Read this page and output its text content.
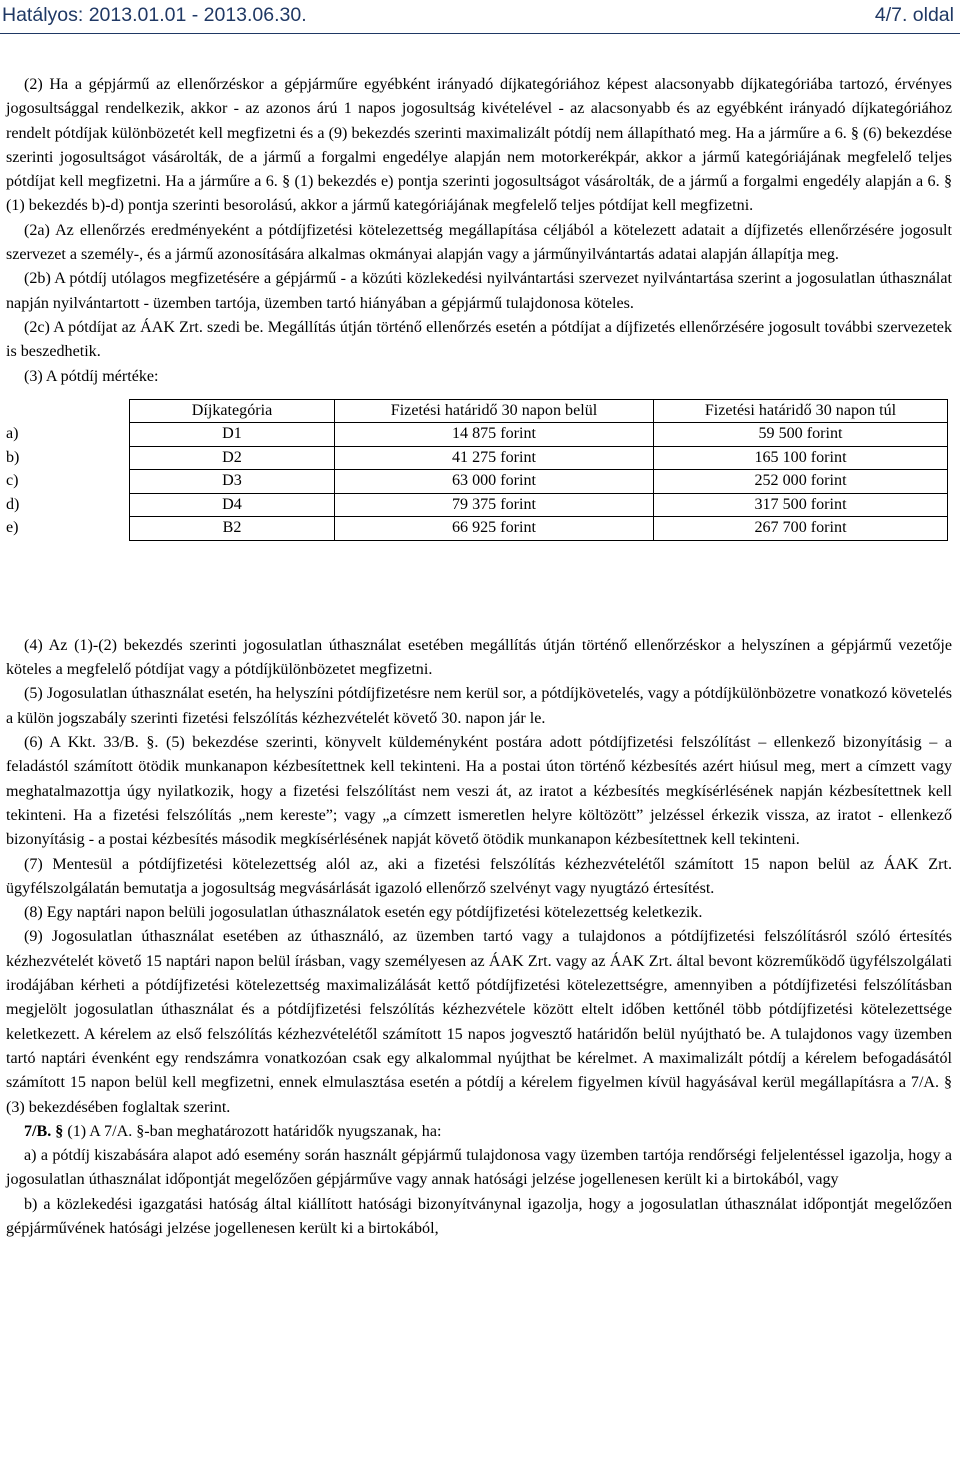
Hatályos: 2013.01.01 - 2013.06.30.	4/7. oldal

(2) Ha a gépjármű az ellenőrzéskor a gépjárműre egyébként irányadó díjkategóriához képest alacsonyabb díjkategóriába tartozó, érvényes jogosultsággal rendelkezik, akkor - az azonos árú 1 napos jogosultság kivételével - az alacsonyabb és az egyébként irányadó díjkategóriához rendelt pótdíjak különbözetét kell megfizetni és a (9) bekezdés szerinti maximalizált pótdíj nem állapítható meg. Ha a járműre a 6. § (6) bekezdése szerinti jogosultságot vásárolták, de a jármű a forgalmi engedélye alapján nem motorkerékpár, akkor a jármű kategóriájának megfelelő teljes pótdíjat kell megfizetni. Ha a járműre a 6. § (1) bekezdés e) pontja szerinti jogosultságot vásárolták, de a jármű a forgalmi engedély alapján a 6. § (1) bekezdés b)-d) pontja szerinti besorolású, akkor a jármű kategóriájának megfelelő teljes pótdíjat kell megfizetni.

(2a) Az ellenőrzés eredményeként a pótdíjfizetési kötelezettség megállapítása céljából a kötelezett adatait a díjfizetés ellenőrzésére jogosult szervezet a személy-, és a jármű azonosítására alkalmas okmányai alapján vagy a járműnyilvántartás adatai alapján állapítja meg.

(2b) A pótdíj utólagos megfizetésére a gépjármű - a közúti közlekedési nyilvántartási szervezet nyilvántartása szerint a jogosulatlan úthasználat napján nyilvántartott - üzemben tartója, üzemben tartó hiányában a gépjármű tulajdonosa köteles.

(2c) A pótdíjat az ÁAK Zrt. szedi be. Megállítás útján történő ellenőrzés esetén a pótdíjat a díjfizetés ellenőrzésére jogosult további szervezetek is beszedhetik.

(3) A pótdíj mértéke:

	Díjkategória	Fizetési határidő 30 napon belül	Fizetési határidő 30 napon túl
a)	D1	14 875 forint	59 500 forint
b)	D2	41 275 forint	165 100 forint
c)	D3	63 000 forint	252 000 forint
d)	D4	79 375 forint	317 500 forint
e)	B2	66 925 forint	267 700 forint

(4) Az (1)-(2) bekezdés szerinti jogosulatlan úthasználat esetében megállítás útján történő ellenőrzéskor a helyszínen a gépjármű vezetője köteles a megfelelő pótdíjat vagy a pótdíjkülönbözetet megfizetni.

(5) Jogosulatlan úthasználat esetén, ha helyszíni pótdíjfizetésre nem kerül sor, a pótdíjkövetelés, vagy a pótdíjkülönbözetre vonatkozó követelés a külön jogszabály szerinti fizetési felszólítás kézhezvételét követő 30. napon jár le.

(6) A Kkt. 33/B. §. (5) bekezdése szerinti, könyvelt küldeményként postára adott pótdíjfizetési felszólítást – ellenkező bizonyításig – a feladástól számított ötödik munkanapon kézbesítettnek kell tekinteni. Ha a postai úton történő kézbesítés azért hiúsul meg, mert a címzett vagy meghatalmazottja úgy nyilatkozik, hogy a fizetési felszólítást nem veszi át, az iratot a kézbesítés megkísérlésének napján kézbesítettnek kell tekinteni. Ha a fizetési felszólítás „nem kereste”; vagy „a címzett ismeretlen helyre költözött” jelzéssel érkezik vissza, az iratot - ellenkező bizonyításig - a postai kézbesítés második megkísérlésének napját követő ötödik munkanapon kézbesítettnek kell tekinteni.

(7) Mentesül a pótdíjfizetési kötelezettség alól az, aki a fizetési felszólítás kézhezvételétől számított 15 napon belül az ÁAK Zrt. ügyfélszolgálatán bemutatja a jogosultság megvásárlását igazoló ellenőrző szelvényt vagy nyugtázó értesítést.

(8) Egy naptári napon belüli jogosulatlan úthasználatok esetén egy pótdíjfizetési kötelezettség keletkezik.

(9) Jogosulatlan úthasználat esetében az úthasználó, az üzemben tartó vagy a tulajdonos a pótdíjfizetési felszólításról szóló értesítés kézhezvételét követő 15 naptári napon belül írásban, vagy személyesen az ÁAK Zrt. vagy az ÁAK Zrt. által bevont közreműködő ügyfélszolgálati irodájában kérheti a pótdíjfizetési kötelezettség maximalizálását kettő pótdíjfizetési kötelezettségre, amennyiben a pótdíjfizetési felszólításban megjelölt jogosulatlan úthasználat és a pótdíjfizetési felszólítás kézhezvétele között eltelt időben kettőnél több pótdíjfizetési kötelezettsége keletkezett. A kérelem az első felszólítás kézhezvételétől számított 15 napos jogvesztő határidőn belül nyújtható be. A tulajdonos vagy üzemben tartó naptári évenként egy rendszámra vonatkozóan csak egy alkalommal nyújthat be kérelmet. A maximalizált pótdíj a kérelem befogadásától számított 15 napon belül kell megfizetni, ennek elmulasztása esetén a pótdíj a kérelem figyelmen kívül hagyásával kerül megállapításra a 7/A. § (3) bekezdésében foglaltak szerint.

7/B. § (1) A 7/A. §-ban meghatározott határidők nyugszanak, ha:

a) a pótdíj kiszabására alapot adó esemény során használt gépjármű tulajdonosa vagy üzemben tartója rendőrségi feljelentéssel igazolja, hogy a jogosulatlan úthasználat időpontját megelőzően gépjárműve vagy annak hatósági jelzése jogellenesen került ki a birtokából, vagy

b) a közlekedési igazgatási hatóság által kiállított hatósági bizonyítványnal igazolja, hogy a jogosulatlan úthasználat időpontját megelőzően gépjárművének hatósági jelzése jogellenesen került ki a birtokából,
